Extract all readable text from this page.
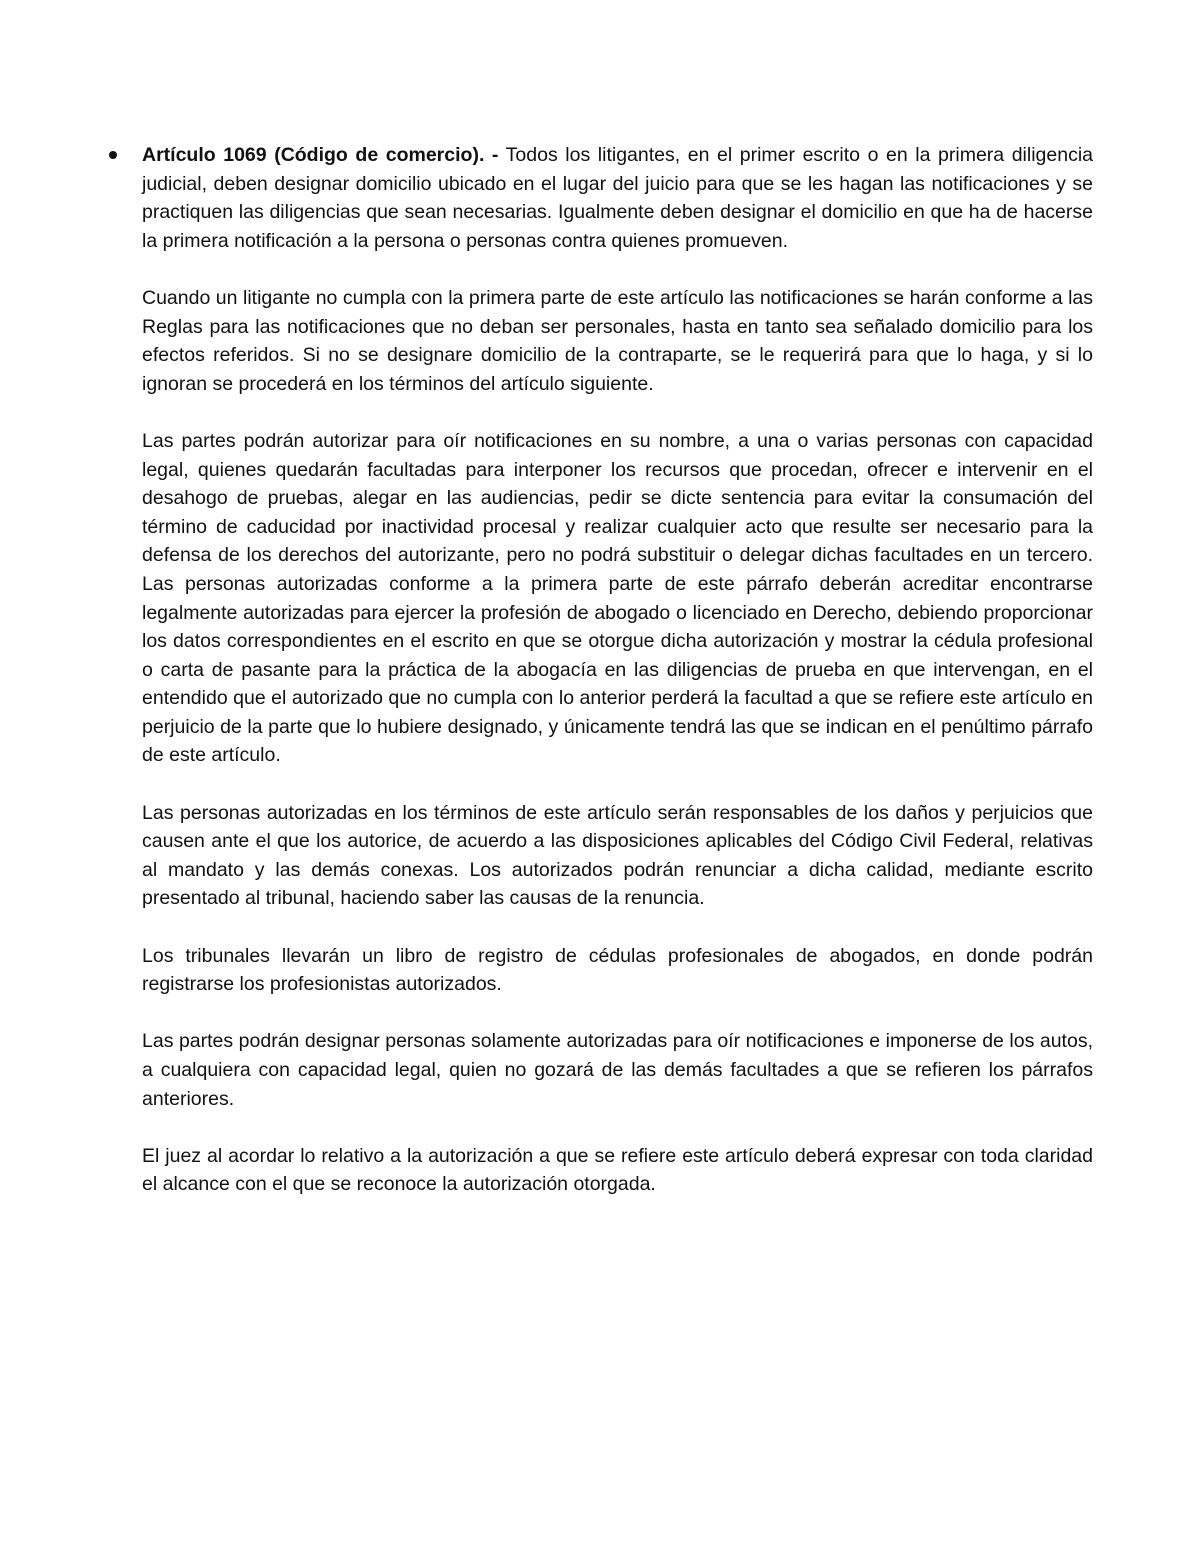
Artículo 1069 (Código de comercio). - Todos los litigantes, en el primer escrito o en la primera diligencia judicial, deben designar domicilio ubicado en el lugar del juicio para que se les hagan las notificaciones y se practiquen las diligencias que sean necesarias. Igualmente deben designar el domicilio en que ha de hacerse la primera notificación a la persona o personas contra quienes promueven.

Cuando un litigante no cumpla con la primera parte de este artículo las notificaciones se harán conforme a las Reglas para las notificaciones que no deban ser personales, hasta en tanto sea señalado domicilio para los efectos referidos. Si no se designare domicilio de la contraparte, se le requerirá para que lo haga, y si lo ignoran se procederá en los términos del artículo siguiente.

Las partes podrán autorizar para oír notificaciones en su nombre, a una o varias personas con capacidad legal, quienes quedarán facultadas para interponer los recursos que procedan, ofrecer e intervenir en el desahogo de pruebas, alegar en las audiencias, pedir se dicte sentencia para evitar la consumación del término de caducidad por inactividad procesal y realizar cualquier acto que resulte ser necesario para la defensa de los derechos del autorizante, pero no podrá substituir o delegar dichas facultades en un tercero. Las personas autorizadas conforme a la primera parte de este párrafo deberán acreditar encontrarse legalmente autorizadas para ejercer la profesión de abogado o licenciado en Derecho, debiendo proporcionar los datos correspondientes en el escrito en que se otorgue dicha autorización y mostrar la cédula profesional o carta de pasante para la práctica de la abogacía en las diligencias de prueba en que intervengan, en el entendido que el autorizado que no cumpla con lo anterior perderá la facultad a que se refiere este artículo en perjuicio de la parte que lo hubiere designado, y únicamente tendrá las que se indican en el penúltimo párrafo de este artículo.

Las personas autorizadas en los términos de este artículo serán responsables de los daños y perjuicios que causen ante el que los autorice, de acuerdo a las disposiciones aplicables del Código Civil Federal, relativas al mandato y las demás conexas. Los autorizados podrán renunciar a dicha calidad, mediante escrito presentado al tribunal, haciendo saber las causas de la renuncia.

Los tribunales llevarán un libro de registro de cédulas profesionales de abogados, en donde podrán registrarse los profesionistas autorizados.

Las partes podrán designar personas solamente autorizadas para oír notificaciones e imponerse de los autos, a cualquiera con capacidad legal, quien no gozará de las demás facultades a que se refieren los párrafos anteriores.

El juez al acordar lo relativo a la autorización a que se refiere este artículo deberá expresar con toda claridad el alcance con el que se reconoce la autorización otorgada.
